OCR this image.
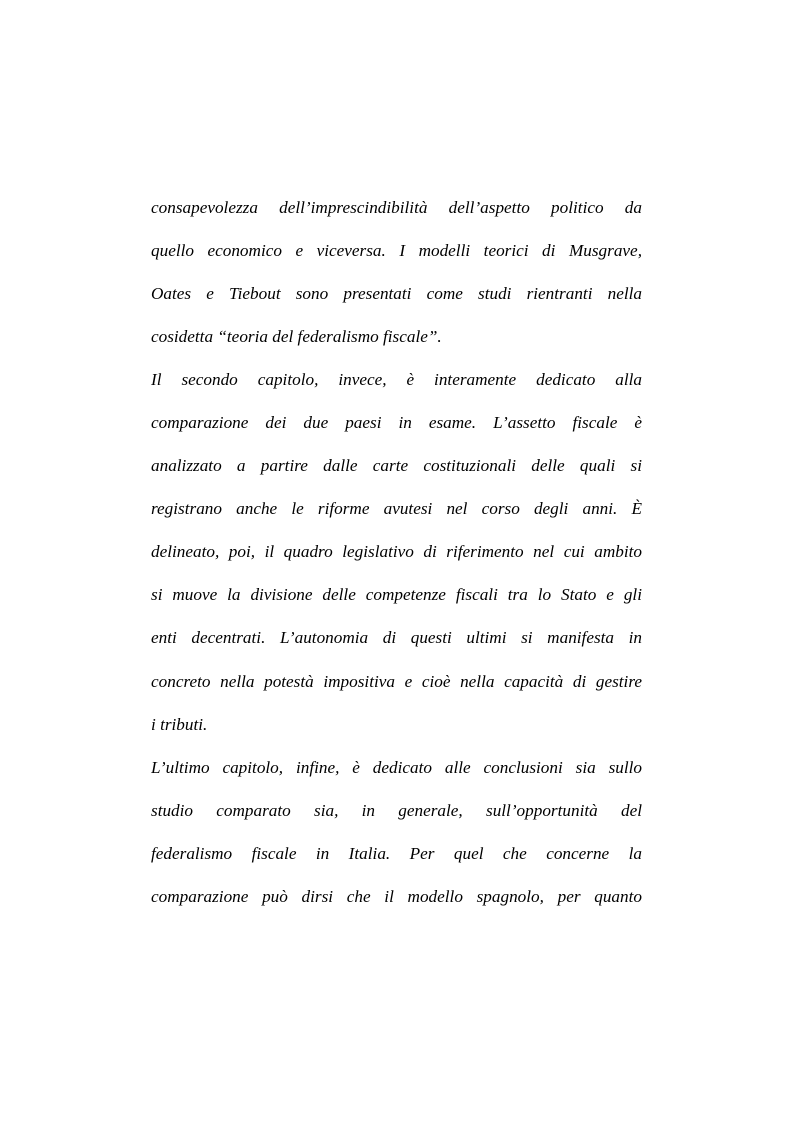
consapevolezza dell’imprescindibilità dell’aspetto politico da
quello economico e viceversa. I modelli teorici di Musgrave,
Oates e Tiebout sono presentati come studi rientranti nella
cosidetta “teoria del federalismo fiscale”.
Il secondo capitolo, invece, è interamente dedicato alla
comparazione dei due paesi in esame. L’assetto fiscale è
analizzato a partire dalle carte costituzionali delle quali si
registrano anche le riforme avutesi nel corso degli anni. È
delineato, poi, il quadro legislativo di riferimento nel cui ambito
si muove la divisione delle competenze fiscali tra lo Stato e gli
enti decentrati. L’autonomia di questi ultimi si manifesta in
concreto nella potestà impositiva e cioè nella capacità di gestire
i tributi.
L’ultimo capitolo, infine, è dedicato alle conclusioni sia sullo
studio comparato sia, in generale, sull’opportunità del
federalismo fiscale in Italia. Per quel che concerne la
comparazione può dirsi che il modello spagnolo, per quanto
